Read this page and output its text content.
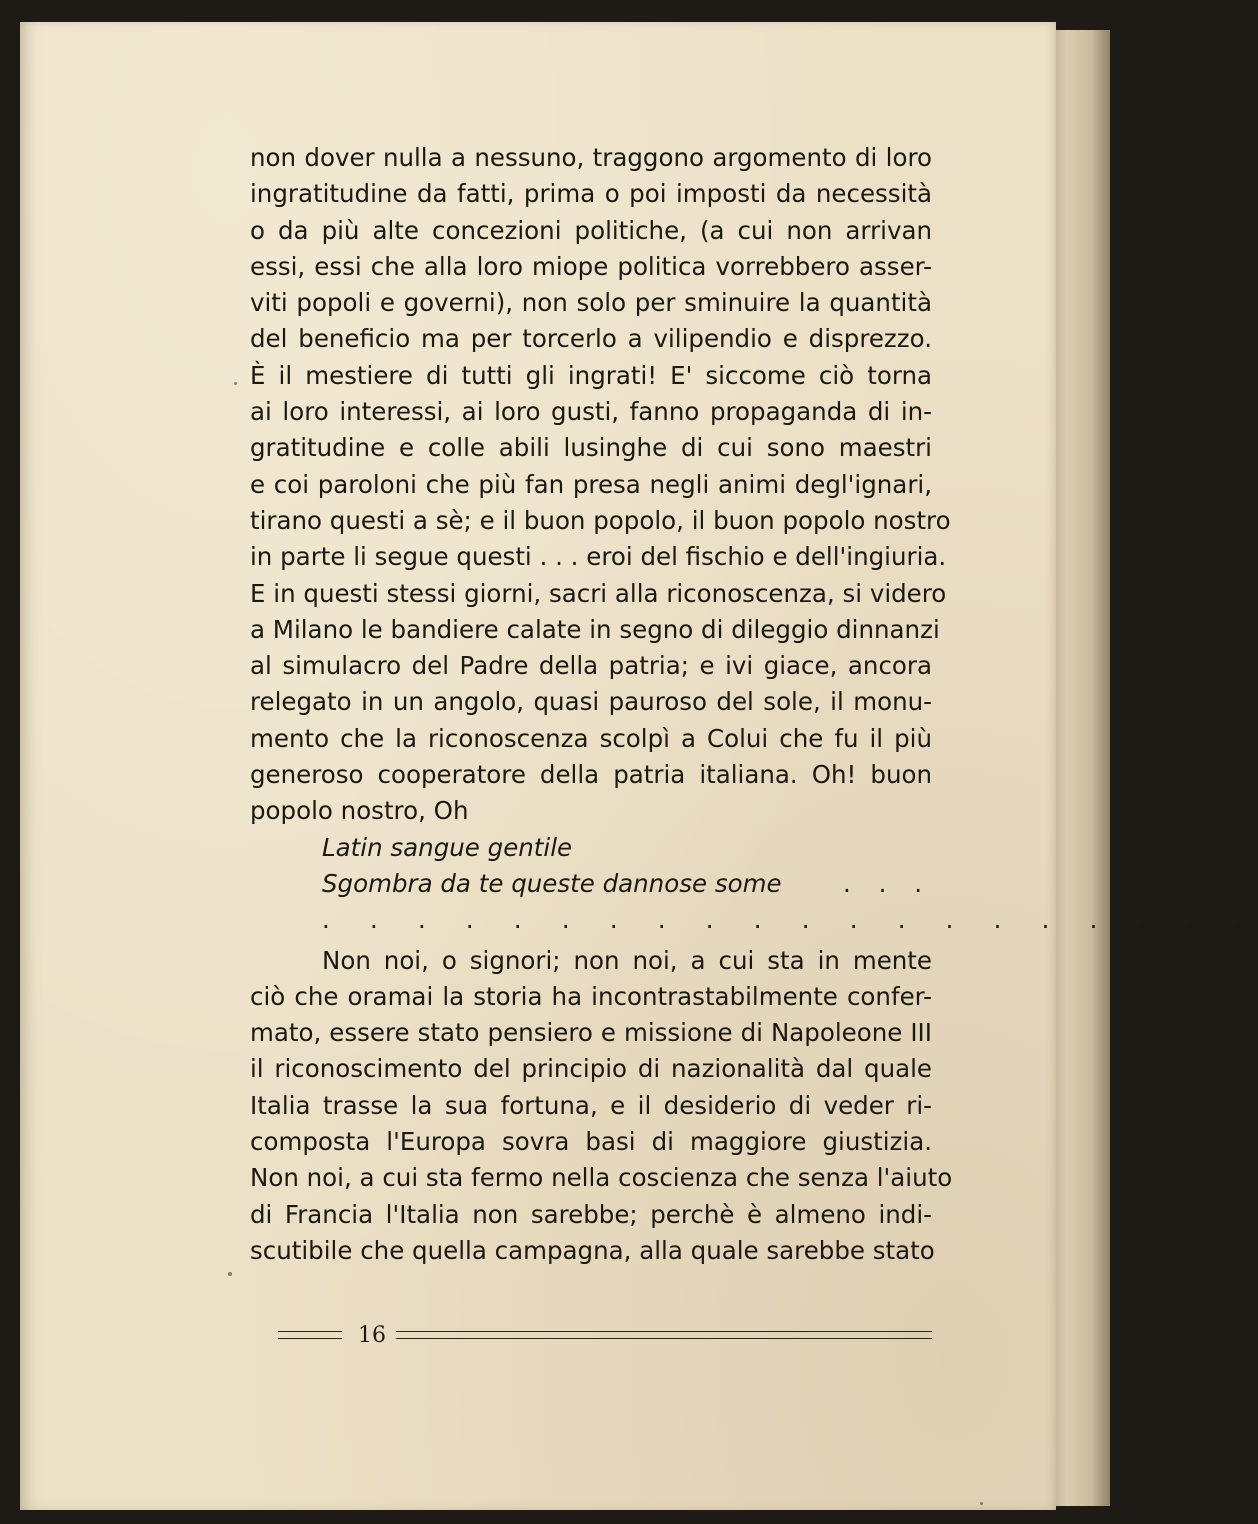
non dover nulla a nessuno, traggono argomento di loro
ingratitudine da fatti, prima o poi imposti da necessità
o da più alte concezioni politiche, (a cui non arrivan
essi, essi che alla loro miope politica vorrebbero asser-
viti popoli e governi), non solo per sminuire la quantità
del beneficio ma per torcerlo a vilipendio e disprezzo.
È il mestiere di tutti gli ingrati! E' siccome ciò torna
ai loro interessi, ai loro gusti, fanno propaganda di in-
gratitudine e colle abili lusinghe di cui sono maestri
e coi paroloni che più fan presa negli animi degl'ignari,
tirano questi a sè; e il buon popolo, il buon popolo nostro
in parte li segue questi . . . eroi del fischio e dell'ingiuria.
E in questi stessi giorni, sacri alla riconoscenza, si videro
a Milano le bandiere calate in segno di dileggio dinnanzi
al simulacro del Padre della patria; e ivi giace, ancora
relegato in un angolo, quasi pauroso del sole, il monu-
mento che la riconoscenza scolpì a Colui che fu il più
generoso cooperatore della patria italiana. Oh! buon
popolo nostro, Oh
Latin sangue gentile
Sgombra da te queste dannose some	. . .
. . . . . . . . . . . . . . . . . . . .
Non noi, o signori; non noi, a cui sta in mente
ciò che oramai la storia ha incontrastabilmente confer-
mato, essere stato pensiero e missione di Napoleone III
il riconoscimento del principio di nazionalità dal quale
Italia trasse la sua fortuna, e il desiderio di veder ri-
composta l'Europa sovra basi di maggiore giustizia.
Non noi, a cui sta fermo nella coscienza che senza l'aiuto
di Francia l'Italia non sarebbe; perchè è almeno indi-
scutibile che quella campagna, alla quale sarebbe stato
16
